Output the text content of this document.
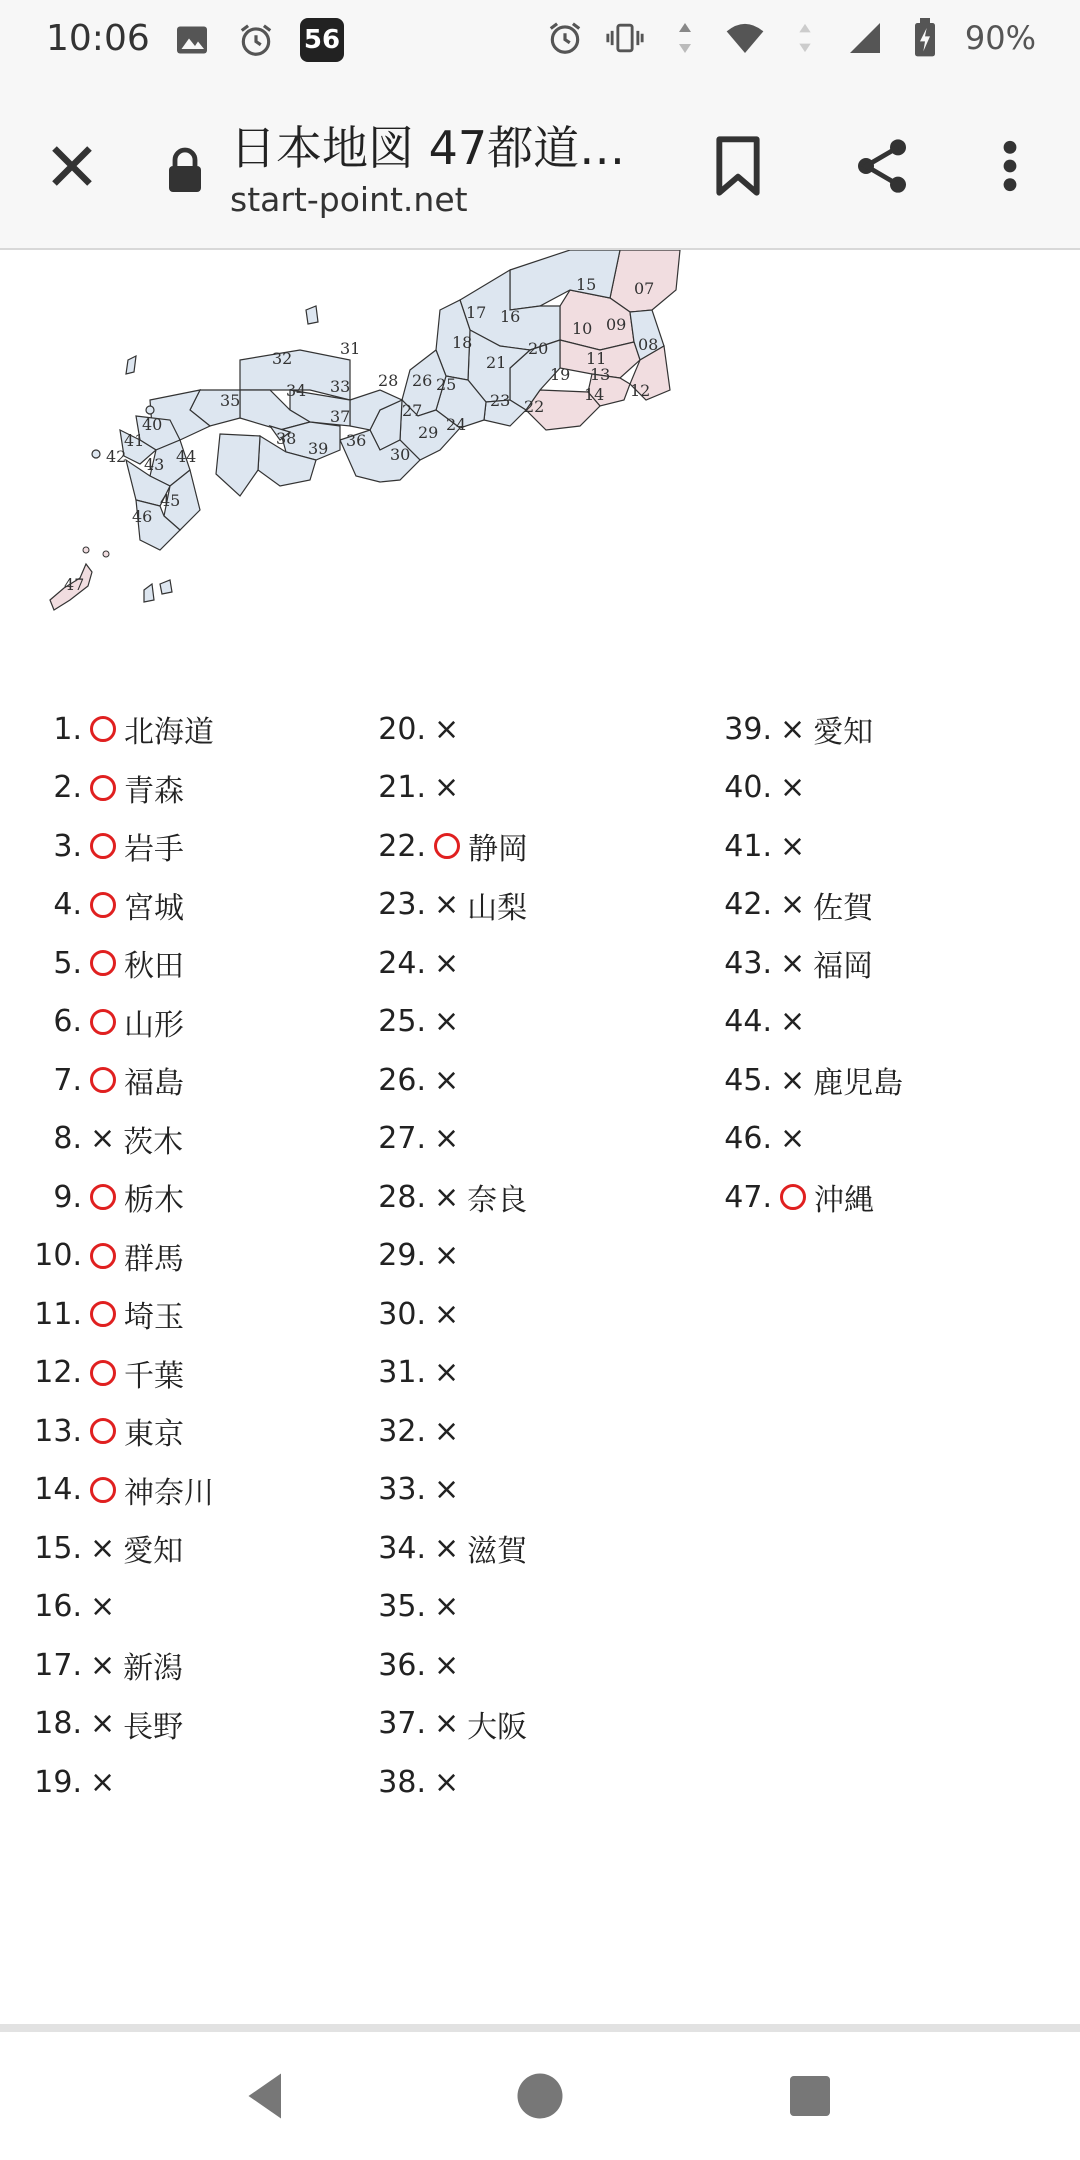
10:06	56	90%
日本地図 47都道…
start-point.net
07
15
17 16
10 09
08
20
11
13
12
19
14
22
23
21
18
24
25
26
27
28
31
32
33
34
35
36
37
38
39
29
30
40
41
42 43 44
45
46
47
1. 北海道
2. 青森
3. 岩手
4. 宮城
5. 秋田
6. 山形
7. 福島
8. × 茨木
9. 栃木
10. 群馬
11. 埼玉
12. 千葉
13. 東京
14. 神奈川
15. × 愛知
16. ×
17. × 新潟
18. × 長野
19. ×
20. ×
21. ×
22. 静岡
23. × 山梨
24. ×
25. ×
26. ×
27. ×
28. × 奈良
29. ×
30. ×
31. ×
32. ×
33. ×
34. × 滋賀
35. ×
36. ×
37. × 大阪
38. ×
39. × 愛知
40. ×
41. ×
42. × 佐賀
43. × 福岡
44. ×
45. × 鹿児島
46. ×
47. 沖縄
